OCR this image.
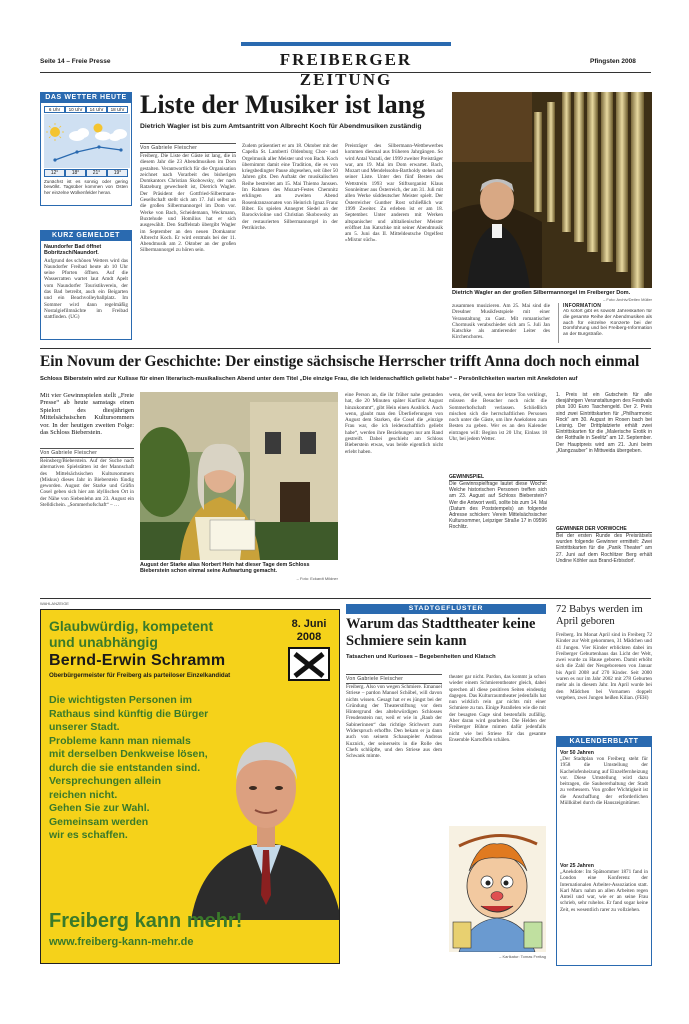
Seite 14 – Freie Presse	FREIBERGER ZEITUNG
Pfingsten 2008
DAS WETTER HEUTE
6 Uhr	10 Uhr	14 Uhr	18 Uhr
12°	18°	21°	19°
Zunächst ist es sonnig oder gering bewölkt. Tagsüber kommen von Osten her einzelne Wolkenfelder heran.
KURZ GEMELDET
Naundorfer Bad öffnet Bobritzsch/Naundorf.
Aufgrund des schönen Wetters wird das Naundorfer Freibad heute ab 10 Uhr seine Pforten öffnen. Auf die Wasserratten wartet laut Amdt Apelt vom Naundorfer Touristikverein, der das Bad betreibt, auch ein Beigarten und ein Beachvolleyballplatz. Im Sommer wird dann regelmäßig Nostalgiefilmnächte im Freibad stattfinden. (UG)
Liste der Musiker ist lang
Dietrich Wagler ist bis zum Amtsantritt von Albrecht Koch für Abendmusiken zuständig
Von Gabriele Fleischer
Freiberg. Die Liste der Gäste ist lang, die in diesem Jahr die 23 Abendmusiken im Dom gestalten. Verantwortlich für die Organisation zeichnet nach Vorarbeit des bisherigen Domkantors Christian Skobowsky, der nach Ratzeburg gewechselt ist, Dietrich Wagler. Der Präsident der Gottfried-Silbermann-Gesellschaft stellt sich am 17. Juli selbst an die großen Silbermannorgel im Dom vor. Werke von Bach, Scheidemann, Weckmann, Buxtehude und Homilius hat er sich ausgewählt. Den Staffelstab übergibt Wagler im September an den neuen Domkantor Albrecht Koch. Er wird erstmals bei der 11. Abendmusik am 2. Oktober an der großen Silbermannorgel zu hören sein.
Zudem präsentiert er am 18. Oktober mit der Capella St. Lamberti Oldenburg Chor- und Orgelmusik aller Meister und von Bach. Koch übernimmt damit eine Tradition, die es von kriegsbedingter Pause abgesehen, seit über 50 Jahren gibt. Den Auftakt der musikalischen Reihe bestreitet am 15. Mai Thiemo Janssen. Im Rahmen des Mozart-Festes Chemnitz erklingen am zweiten Abend Rosenkranzsonaten von Heinrich Ignaz Franz Biber. Es spielen Annegret Siedel an der Barockvioline und Christian Skobowsky an der restaurierten Silbermannorgel in der Petrikirche.
Preisträger des Silbermann-Wettbewerbes kommen diesmal aus früheren Jahrgängen. So wird Antal Varadi, der 1999 zweiter Preisträger war, am 19. Mai im Dom erwartet. Bach, Mozart und Mendelssohn-Bartholdy stehen auf seiner Liste. Unter den fünf Besten des Wettstreits 1993 war Stiftsorganist Klaus Sonnleitner aus Österreich, der am 31. Juli mit allen Werke süddeutscher Meister spielt. Der Österreicher Gunther Rost schließlich war 1999 Zweiter. Zu erleben ist er am 18. September. Unter anderem mit Werken altspanischer und altitalienischer Meister eröffnet Jan Katschke mit seiner Abendmusik am 5. Juni das II. Mitteldeutsche Orgelfest »Mixtur süch«.
Dietrich Wagler an der großen Silbermannorgel im Freiberger Dom.
– Foto: Archiv/Detlev Müller
zusammen musizieren. Am 25. Mai sind die Dresdner Musikfestspiele mit einer Veranstaltung zu Gast. Mit romantischer Chormusik verabschiedet sich am 5. Juli Jan Katschke als amtierender Leiter des Kirchenchores.
INFORMATION
Ab sofort gibt es sowohl Jahreskarten für die gesamte Reihe der Abendmusiken als auch für einzelne Konzerte bei der Domführung und bei Freiberg-Information an der Burgstraße.
Ein Novum der Geschichte: Der einstige sächsische Herrscher trifft Anna doch noch einmal
Schloss Biberstein wird zur Kulisse für einen literarisch-musikalischen Abend unter dem Titel „Die einzige Frau, die ich leidenschaftlich geliebt habe“ – Persönlichkeiten warten mit Anekdoten auf
Mit vier Gewinnspielen stellt „Freie Presse“ ab heute samstags einen Spielort des diesjährigen Mittelsächsischen Kultursommers vor. In der heutigen zweiten Folge: das Schloss Bieberstein.
Von Gabriele Fleischer
Reinsberg/Bieberstein. Auf der Suche nach alternativen Spielstätten ist der Mannschaft des Mittelsächsischen Kultursommers (Miskus) dieses Jahr in Bieberstein fündig geworden. August der Starke und Gräfin Cosel geben sich hier am idyllischen Ort in der Nähe von Siebenlehn am 23. August ein Stelldichein. „Sommerhofschaft“ – …
August der Starke alias Norbert Hein hat dieser Tage dem Schloss Bieberstein schon einmal seine Aufwartung gemacht.
– Foto: Eckardt Mildner
eine Person an, die ihr früher nahe gestanden hat, die 20 Minuten später Kurfürst August hinzukommt“, gibt Hein einen Ausblick. Auch wenn, glaubt man den Überlieferungen von August dem Starken, die Cosel die „einzige Frau war, die ich leidenschaftlich geliebt habe“, werden ihre Beziehungen nur am Rand gestreift. Dabei geschieht am Schloss Bieberstein etwas, was beide eigentlich nicht erlebt haben.
wenn, der weiß, wenn der letzte Ton verklingt, müssen die Besucher noch nicht die Sommerhofschaft verlassen. Schließlich mischen sich die herrschaftlichen Personen noch unter die Gäste, um ihre Anekdoten zum Besten zu geben. Wer es an den Kalender eintragen will: Beginn ist 20 Uhr, Einlass 18 Uhr, bei jedem Wetter.
GEWINNSPIEL
Die Gewinnspielfrage lautet diese Woche: Welche historischen Personen treffen sich am 23. August auf Schloss Bieberstein? Wer die Antwort weiß, sollte bis zum 14. Mai (Datum des Poststempels) an folgende Adresse schicken: Verein Mittelsächsischer Kultursommer, Leipziger Straße 17 in 09596 Rochlitz.
1. Preis ist ein Gutschein für alle diesjährigen Veranstaltungen des Festivals plus 100 Euro Taschengeld. Der 2. Preis sind zwei Eintrittskarten für „Philharmonic Rock“ am 30. August im Rosen bach bei Leisnig. Der Drittplatzierte erhält zwei Eintrittskarten für die „Malerische Erotik in der Rotthalle in Seelitz“ am 12. September. Der Hauptpreis wird am 21. Juni beim „Klangzauber“ in Mittweida übergeben.
GEWINNER DER VORWOCHE
Bei der ersten Runde des Preisrätsels wurden folgende Gewinner ermittelt: Zwei Eintrittskarten für die „Panik Theater“ am 27. Juni auf dem Rochlitzer Berg erhält Undine Köhler aus Brand-Erbisdorf.
WAHLANZEIGE
Glaubwürdig, kompetent und unabhängig
8. Juni 2008
Bernd-Erwin Schramm
Oberbürgermeister für Freiberg als parteiloser Einzelkandidat
Die wichtigsten Personen im
Rathaus sind künftig die Bürger
unserer Stadt.
Probleme kann man niemals
mit derselben Denkweise lösen,
durch die sie entstanden sind.
Versprechungen allein
reichen nicht.
Gehen Sie zur Wahl.
Gemeinsam werden
wir es schaffen.
Freiberg kann mehr!
www.freiberg-kann-mehr.de
STADTGEFLÜSTER
Warum das Stadttheater keine Schmiere sein kann
Tatsachen und Kurioses – Begebenheiten und Klatsch
Von Gabriele Fleischer
Freiberg. Also von wegen Schmiere. Emanuel Striese – pardon Manuel Schöbel, will davon nichts wissen. Gesagt hat er es jüngst bei der Gründung der Theaterstiftung vor dem Hintergrund des altehrwürdigen Schlosses Freudenstein nur, weil er wie in „Raub der Sabinerinnen“ das richtige Stichwort zum Widerspruch erhoffte. Den bekam er ja dann auch von seinem Schauspieler Andreas Kuznick, der seinerseits in die Rolle des Chefs schlüpfte, und den Striese aus dem Schwank mimte.
theater gar nicht. Pardon, das kommt ja schon wieder einem Schmierentheater gleich, dabei sprechen all diese positiven Seiten eindeutig dagegen. Das Kulturraumtheater jedenfalls hat nun wirklich rein gar nichts mit einer Schmiere zu tun. Einige Parallelen wie die mit der besagten Gage sind bestenfalls zufällig. Aber daran wird gearbeitet. Die Helden der Freiberger Bühne mimen dafür jedenfalls nicht wie bei Striese für das gesamte Ensemble Kartoffeln schälen.
– Karikatur: Tomas Freitag
72 Babys werden im April geboren
Freiberg. Im Monat April sind in Freiberg 72 Kinder zur Welt gekommen, 31 Mädchen und 41 Jungen. Vier Kinder erblickten dabei im Freiberger Geburtenhaus das Licht der Welt, zwei wurde zu Hause geboren. Damit erhöht sich die Zahl der Neugeborenen von Januar bis April 2008 auf 270 Kinder. Seit 2000 waren es nur im Jahr 2002 mit 278 Geburten mehr als in diesem Jahr. Im April wurde bei den Mädchen bei Vornamen doppelt vergeben, zwei Jungen heißen Kilian. (FEH)
KALENDERBLATT
Vor 50 Jahren
„Der Stadtplan von Freiberg steht für 1958 die Umstellung der Kachelofenheizung auf Einzelfernheizung vor. Diese Umstellung wird dazu beitragen, die Saubererhaltung der Stadt zu verbessern. Von großer Wichtigkeit ist die Anschaffung der erforderlichen Müllkübel durch die Hauszeignitümer.
Vor 25 Jahren
„Anekdote: Im Spätsommer 1871 fand in London eine Konferenz der Internationalen Arbeiter-Assoziation statt. Karl Marx nahm an allen Arbeiten regen Anteil und war, wie er an seine Frau schrieb, sehr ruhelos. Er fand sogar keine Zeit, es wesentlich rarer zu vollziehen.
